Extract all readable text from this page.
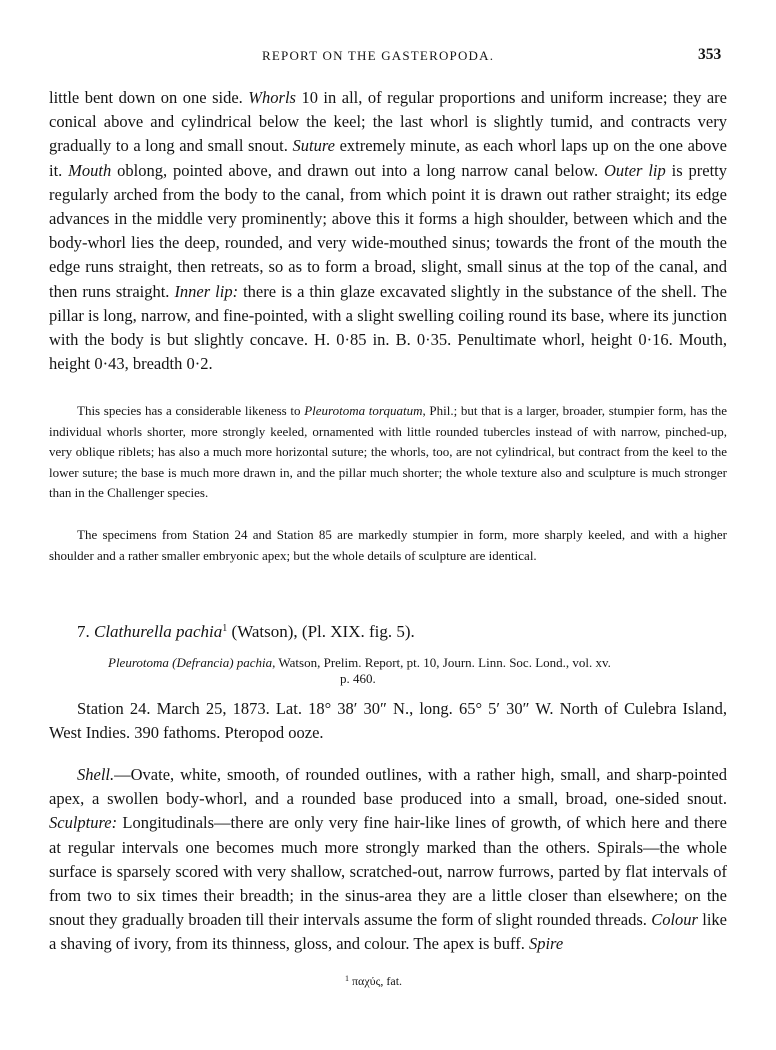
REPORT ON THE GASTEROPODA.	353

little bent down on one side. Whorls 10 in all, of regular proportions and uniform increase; they are conical above and cylindrical below the keel; the last whorl is slightly tumid, and contracts very gradually to a long and small snout. Suture extremely minute, as each whorl laps up on the one above it. Mouth oblong, pointed above, and drawn out into a long narrow canal below. Outer lip is pretty regularly arched from the body to the canal, from which point it is drawn out rather straight; its edge advances in the middle very prominently; above this it forms a high shoulder, between which and the body-whorl lies the deep, rounded, and very wide-mouthed sinus; towards the front of the mouth the edge runs straight, then retreats, so as to form a broad, slight, small sinus at the top of the canal, and then runs straight. Inner lip: there is a thin glaze excavated slightly in the substance of the shell. The pillar is long, narrow, and fine-pointed, with a slight swelling coiling round its base, where its junction with the body is but slightly concave. H. 0·85 in. B. 0·35. Penultimate whorl, height 0·16. Mouth, height 0·43, breadth 0·2.

This species has a considerable likeness to Pleurotoma torquatum, Phil.; but that is a larger, broader, stumpier form, has the individual whorls shorter, more strongly keeled, ornamented with little rounded tubercles instead of with narrow, pinched-up, very oblique riblets; has also a much more horizontal suture; the whorls, too, are not cylindrical, but contract from the keel to the lower suture; the base is much more drawn in, and the pillar much shorter; the whole texture also and sculpture is much stronger than in the Challenger species.

The specimens from Station 24 and Station 85 are markedly stumpier in form, more sharply keeled, and with a higher shoulder and a rather smaller embryonic apex; but the whole details of sculpture are identical.

7. Clathurella pachia$^1$ (Watson), (Pl. XIX. fig. 5).
Pleurotoma (Defrancia) pachia, Watson, Prelim. Report, pt. 10, Journ. Linn. Soc. Lond., vol. xv.
p. 460.

Station 24. March 25, 1873. Lat. 18° 38′ 30″ N., long. 65° 5′ 30″ W. North of Culebra Island, West Indies. 390 fathoms. Pteropod ooze.

Shell.—Ovate, white, smooth, of rounded outlines, with a rather high, small, and sharp-pointed apex, a swollen body-whorl, and a rounded base produced into a small, broad, one-sided snout. Sculpture: Longitudinals—there are only very fine hair-like lines of growth, of which here and there at regular intervals one becomes much more strongly marked than the others. Spirals—the whole surface is sparsely scored with very shallow, scratched-out, narrow furrows, parted by flat intervals of from two to six times their breadth; in the sinus-area they are a little closer than elsewhere; on the snout they gradually broaden till their intervals assume the form of slight rounded threads. Colour like a shaving of ivory, from its thinness, gloss, and colour. The apex is buff. Spire

$^1$ παχύς, fat.
